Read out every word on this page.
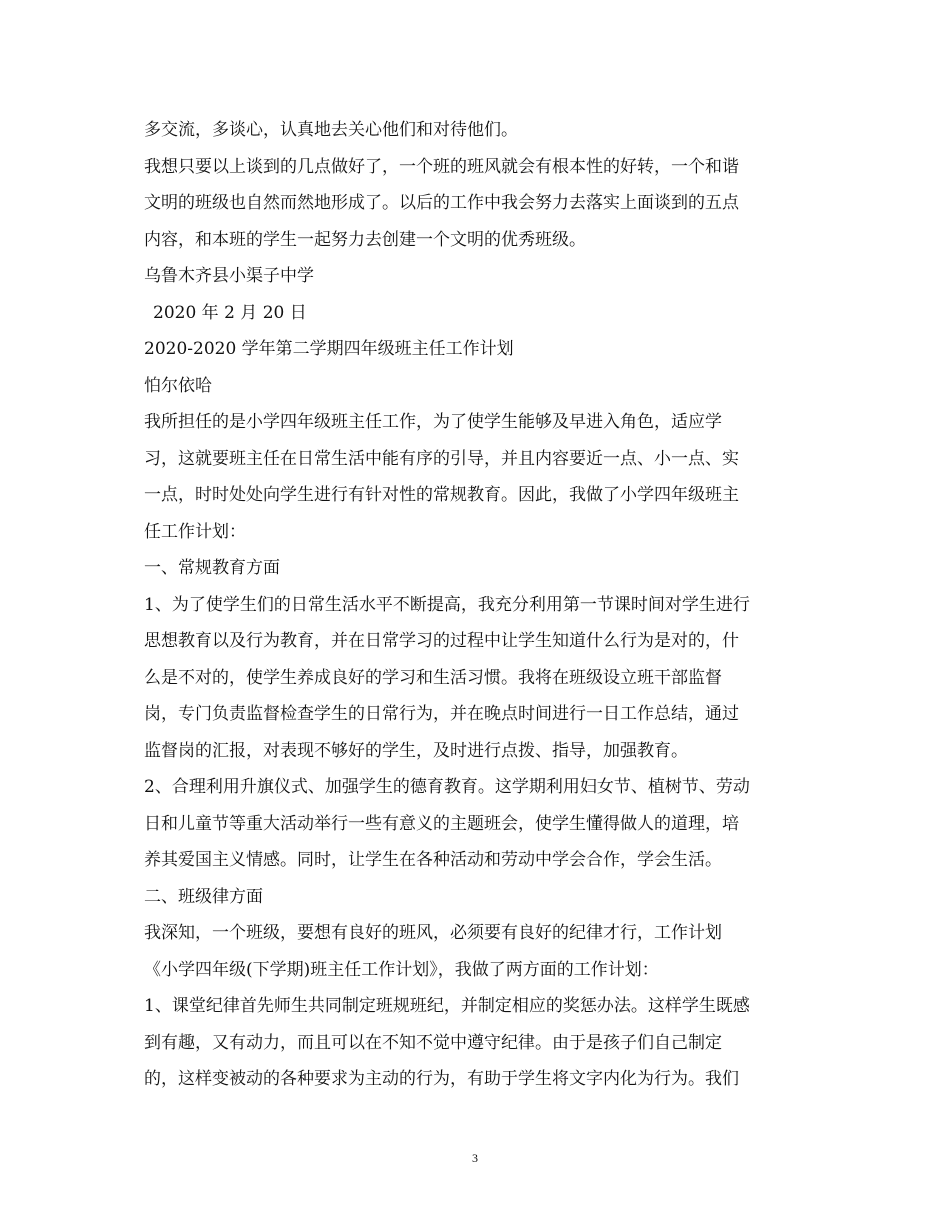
多交流，多谈心，认真地去关心他们和对待他们。
我想只要以上谈到的几点做好了，一个班的班风就会有根本性的好转，一个和谐
文明的班级也自然而然地形成了。以后的工作中我会努力去落实上面谈到的五点
内容，和本班的学生一起努力去创建一个文明的优秀班级。
乌鲁木齐县小渠子中学
2020 年 2 月 20 日
2020-2020 学年第二学期四年级班主任工作计划
怕尔依哈
我所担任的是小学四年级班主任工作，为了使学生能够及早进入角色，适应学
习，这就要班主任在日常生活中能有序的引导，并且内容要近一点、小一点、实
一点，时时处处向学生进行有针对性的常规教育。因此，我做了小学四年级班主
任工作计划：
一、常规教育方面
1、为了使学生们的日常生活水平不断提高，我充分利用第一节课时间对学生进行
思想教育以及行为教育，并在日常学习的过程中让学生知道什么行为是对的，什
么是不对的，使学生养成良好的学习和生活习惯。我将在班级设立班干部监督
岗，专门负责监督检查学生的日常行为，并在晚点时间进行一日工作总结，通过
监督岗的汇报，对表现不够好的学生，及时进行点拨、指导，加强教育。
2、合理利用升旗仪式、加强学生的德育教育。这学期利用妇女节、植树节、劳动
日和儿童节等重大活动举行一些有意义的主题班会，使学生懂得做人的道理，培
养其爱国主义情感。同时，让学生在各种活动和劳动中学会合作，学会生活。
二、班级律方面
我深知，一个班级，要想有良好的班风，必须要有良好的纪律才行，工作计划
《小学四年级(下学期)班主任工作计划》，我做了两方面的工作计划：
1、课堂纪律首先师生共同制定班规班纪，并制定相应的奖惩办法。这样学生既感
到有趣，又有动力，而且可以在不知不觉中遵守纪律。由于是孩子们自己制定
的，这样变被动的各种要求为主动的行为，有助于学生将文字内化为行为。我们
3
